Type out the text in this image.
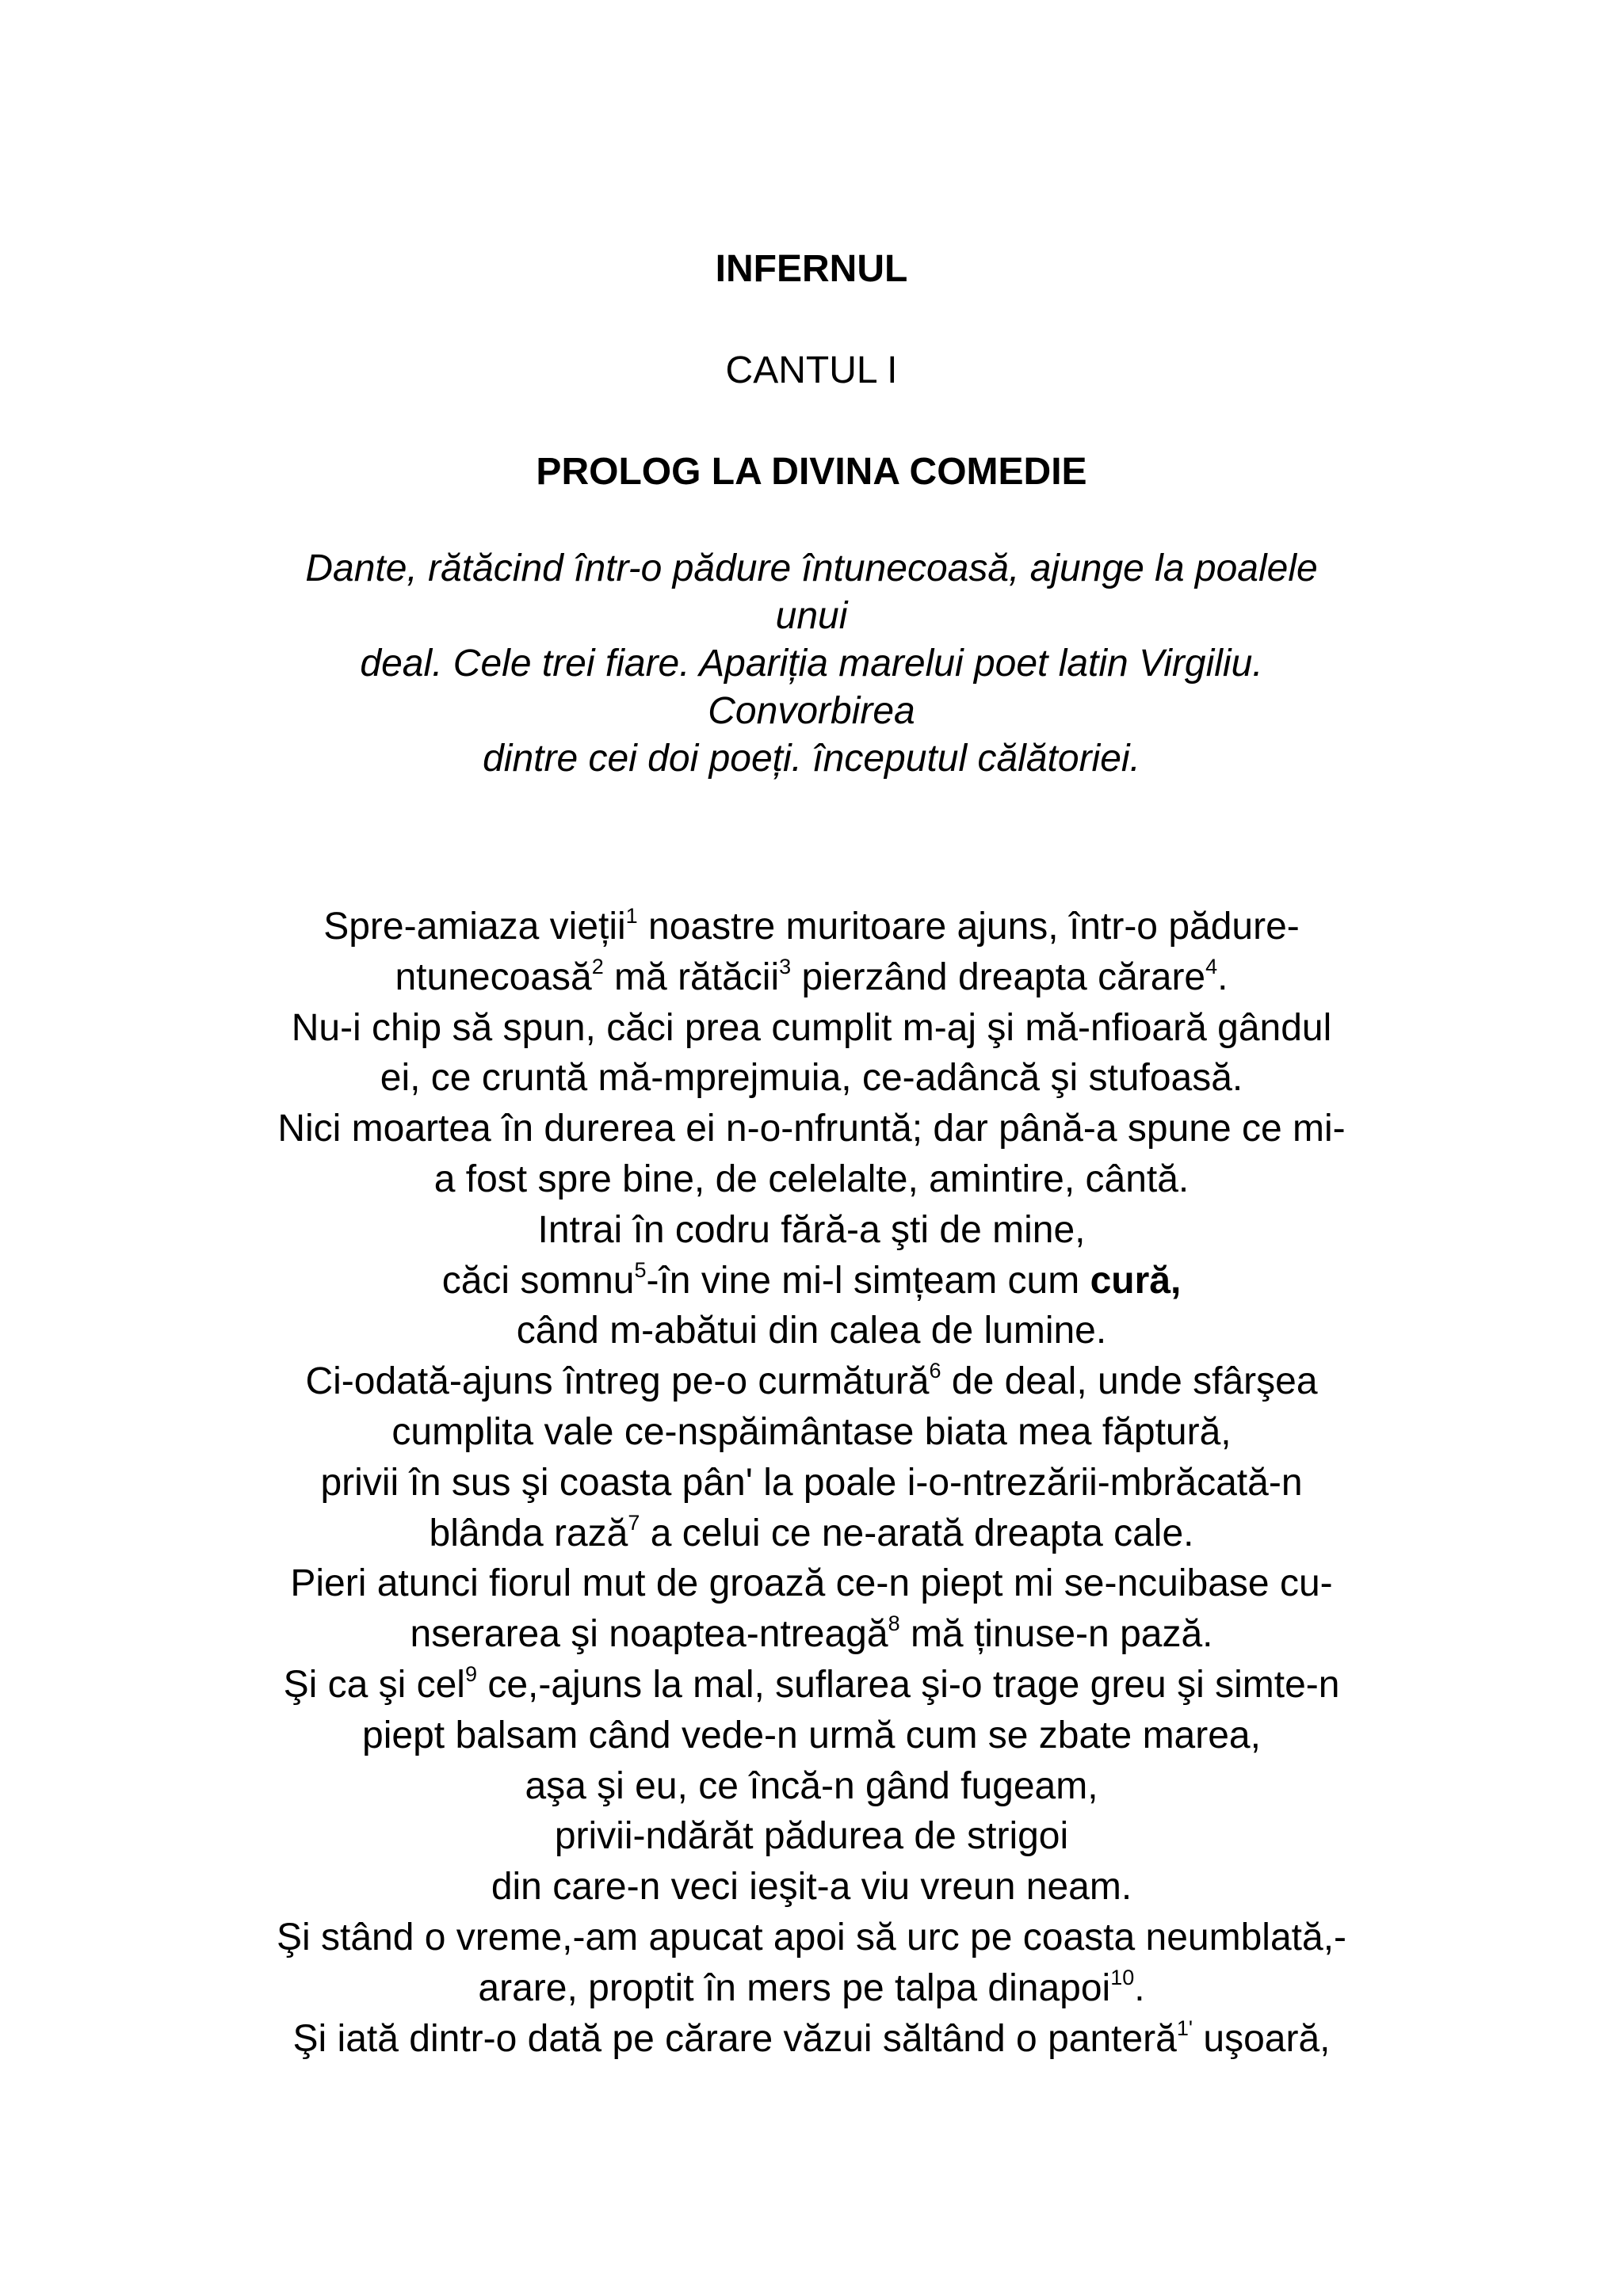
INFERNUL
CANTUL I
PROLOG LA DIVINA COMEDIE
Dante, rătăcind într-o pădure întunecoasă, ajunge la poalele
unui
deal. Cele trei fiare. Apariția marelui poet latin Virgiliu.
Convorbirea
dintre cei doi poeți. începutul călătoriei.
Spre-amiaza vieții$^1$ noastre muritoare ajuns, într-o pădure-
ntunecoasă$^2$ mă rătăcii$^3$ pierzând dreapta cărare$^4$.
Nu-i chip să spun, căci prea cumplit m-aj şi mă-nfioară gândul
ei, ce cruntă mă-mprejmuia, ce-adâncă şi stufoasă.
Nici moartea în durerea ei n-o-nfruntă; dar până-a spune ce mi-
a fost spre bine, de celelalte, amintire, cântă.
Intrai în codru fără-a şti de mine,
căci somnu$^5$-în vine mi-l simțeam cum cură,
când m-abătui din calea de lumine.
Ci-odată-ajuns întreg pe-o curmătură$^6$ de deal, unde sfârşea
cumplita vale ce-nspăimântase biata mea făptură,
privii în sus şi coasta pân' la poale i-o-ntrezării-mbrăcată-n
blânda rază$^7$ a celui ce ne-arată dreapta cale.
Pieri atunci fiorul mut de groază ce-n piept mi se-ncuibase cu-
nserarea şi noaptea-ntreagă$^8$ mă ținuse-n pază.
Şi ca şi cel$^9$ ce,-ajuns la mal, suflarea şi-o trage greu şi simte-n
piept balsam când vede-n urmă cum se zbate marea,
aşa şi eu, ce încă-n gând fugeam,
privii-ndărăt pădurea de strigoi
din care-n veci ieşit-a viu vreun neam.
Şi stând o vreme,-am apucat apoi să urc pe coasta neumblată,-
arare, proptit în mers pe talpa dinapoi$^{10}$.
Şi iată dintr-o dată pe cărare văzui săltând o panteră$^{1'}$ uşoară,
